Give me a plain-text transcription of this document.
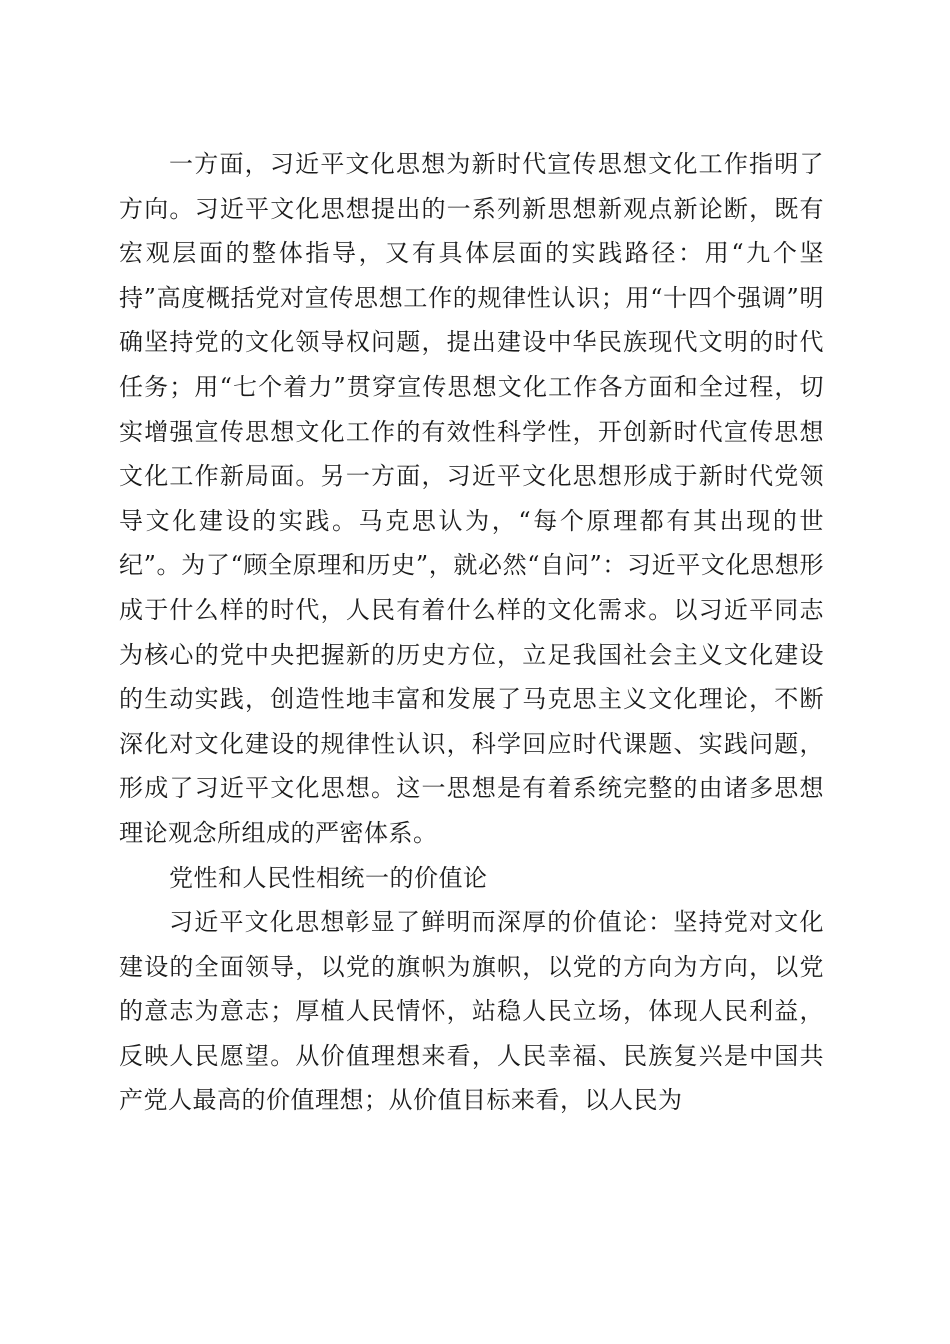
一方面，习近平文化思想为新时代宣传思想文化工作指明了方向。习近平文化思想提出的一系列新思想新观点新论断，既有宏观层面的整体指导，又有具体层面的实践路径：用“九个坚持”高度概括党对宣传思想工作的规律性认识；用“十四个强调”明确坚持党的文化领导权问题，提出建设中华民族现代文明的时代任务；用“七个着力”贯穿宣传思想文化工作各方面和全过程，切实增强宣传思想文化工作的有效性科学性，开创新时代宣传思想文化工作新局面。另一方面，习近平文化思想形成于新时代党领导文化建设的实践。马克思认为，“每个原理都有其出现的世纪”。为了“顾全原理和历史”，就必然“自问”：习近平文化思想形成于什么样的时代，人民有着什么样的文化需求。以习近平同志为核心的党中央把握新的历史方位，立足我国社会主义文化建设的生动实践，创造性地丰富和发展了马克思主义文化理论，不断深化对文化建设的规律性认识，科学回应时代课题、实践问题，形成了习近平文化思想。这一思想是有着系统完整的由诸多思想理论观念所组成的严密体系。

党性和人民性相统一的价值论

习近平文化思想彰显了鲜明而深厚的价值论：坚持党对文化建设的全面领导，以党的旗帜为旗帜，以党的方向为方向，以党的意志为意志；厚植人民情怀，站稳人民立场，体现人民利益，反映人民愿望。从价值理想来看，人民幸福、民族复兴是中国共产党人最高的价值理想；从价值目标来看，以人民为
